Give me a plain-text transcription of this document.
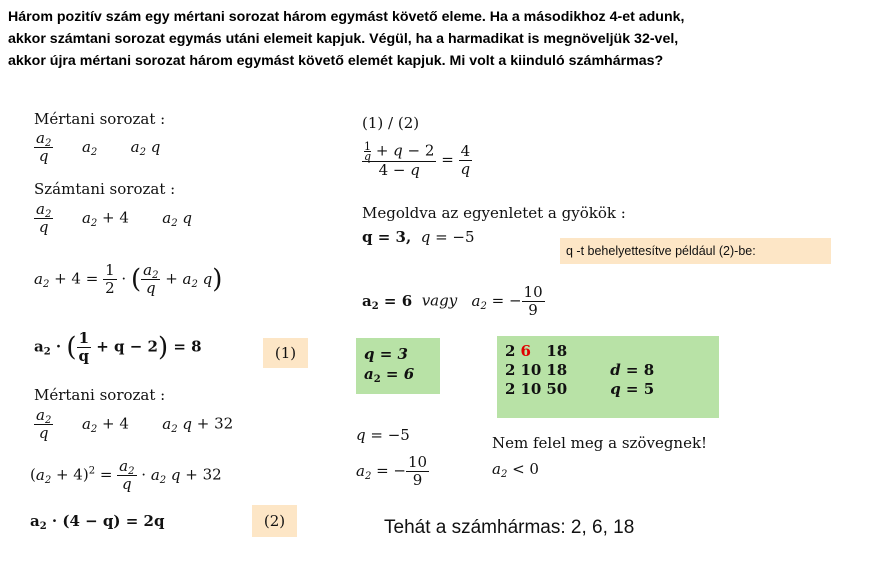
Három pozitív szám egy mértani sorozat három egymást követő eleme. Ha a másodikhoz 4-et adunk,
akkor számtani sorozat egymás utáni elemeit kapjuk. Végül, ha a harmadikat is megnöveljük 32-vel,
akkor újra mértani sorozat három egymást követő elemét kapjuk. Mi volt a kiinduló számhármas?
Mértani sorozat :
$\frac{a_2}{q} a_2$ $a_2$ q
Számtani sorozat :
$\frac{a_2}{q} a_2 + 4$       $a_2$ q
$a_2 + 4 = \frac{1}{2}$ · ( $\frac{a_2}{q} + a_2$ q)
$a_2$ · ( $\frac{1}{q} + q - 2) = 8$	(1)
Mértani sorozat :
$\frac{a_2}{q} a_2 + 4$       $a_2$ q + 32
$(a_2 + 4)^2 = \frac{a_2}{q} \cdot a_2$ q + 32
$a_2 \cdot (4 - q) = 2q$	(2)
(1) / (2)
$\frac{\frac{1}{q} + q - 2}{4 - q} = \frac{4}{q}$
Megoldva az egyenletet a gyökök :
q = 3, q = −5
q -t behelyettesítve például (2)-be:
$a_2 = 6$ vagy $a_2$ = − $\frac{10}{9}$
q = 3
$a_2 = 6$
2	6	18	
2	10	18	d = 8
2	10	50	q = 5
q = −5
$a_2$ = − $\frac{10}{9}$
Nem felel meg a szövegnek!
$a_2 < 0$
Tehát a számhármas: 2, 6, 18
